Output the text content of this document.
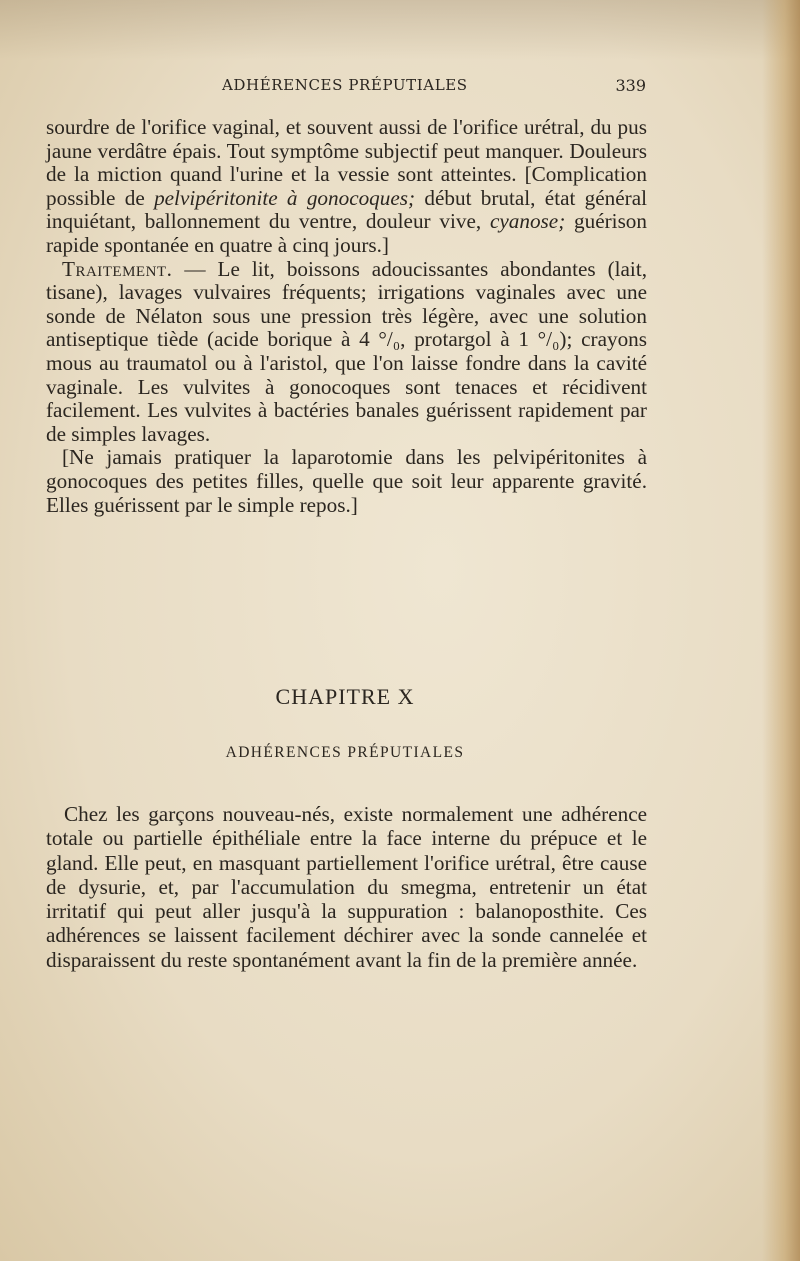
ADHÉRENCES PRÉPUTIALES	339

sourdre de l'orifice vaginal, et souvent aussi de l'orifice urétral, du pus jaune verdâtre épais. Tout symptôme subjectif peut manquer. Douleurs de la miction quand l'urine et la vessie sont atteintes. [Complication possible de pelvipéritonite à gonocoques; début brutal, état général inquiétant, ballonnement du ventre, douleur vive, cyanose; guérison rapide spontanée en quatre à cinq jours.]

Traitement. — Le lit, boissons adoucissantes abondantes (lait, tisane), lavages vulvaires fréquents; irrigations vaginales avec une sonde de Nélaton sous une pression très légère, avec une solution antiseptique tiède (acide borique à 4 °/₀, protargol à 1 °/₀); crayons mous au traumatol ou à l'aristol, que l'on laisse fondre dans la cavité vaginale. Les vulvites à gonocoques sont tenaces et récidivent facilement. Les vulvites à bactéries banales guérissent rapidement par de simples lavages.

[Ne jamais pratiquer la laparotomie dans les pelvipéritonites à gonocoques des petites filles, quelle que soit leur apparente gravité. Elles guérissent par le simple repos.]

CHAPITRE X
ADHÉRENCES PRÉPUTIALES

Chez les garçons nouveau-nés, existe normalement une adhérence totale ou partielle épithéliale entre la face interne du prépuce et le gland. Elle peut, en masquant partiellement l'orifice urétral, être cause de dysurie, et, par l'accumulation du smegma, entretenir un état irritatif qui peut aller jusqu'à la suppuration : balanoposthite. Ces adhérences se laissent facilement déchirer avec la sonde cannelée et disparaissent du reste spontanément avant la fin de la première année.
